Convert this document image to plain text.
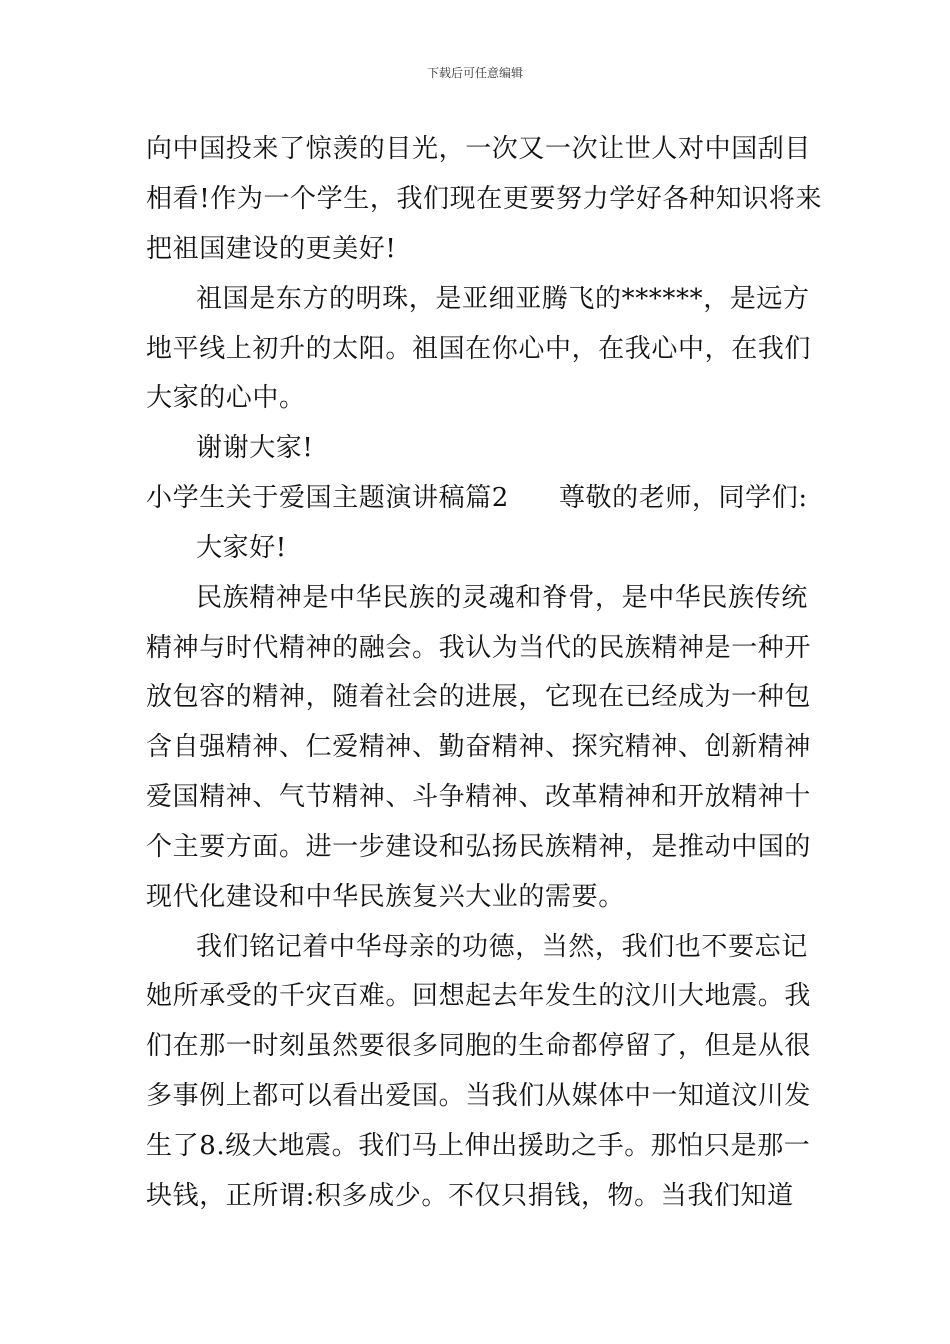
下载后可任意编辑
向中国投来了惊羡的目光，一次又一次让世人对中国刮目
相看!作为一个学生，我们现在更要努力学好各种知识将来
把祖国建设的更美好!
祖国是东方的明珠，是亚细亚腾飞的******，是远方
地平线上初升的太阳。祖国在你心中，在我心中，在我们
大家的心中。
谢谢大家!
小学生关于爱国主题演讲稿篇2 尊敬的老师，同学们:
大家好!
民族精神是中华民族的灵魂和脊骨，是中华民族传统
精神与时代精神的融会。我认为当代的民族精神是一种开
放包容的精神，随着社会的进展，它现在已经成为一种包
含自强精神、仁爱精神、勤奋精神、探究精神、创新精神
爱国精神、气节精神、斗争精神、改革精神和开放精神十
个主要方面。进一步建设和弘扬民族精神，是推动中国的
现代化建设和中华民族复兴大业的需要。
我们铭记着中华母亲的功德，当然，我们也不要忘记
她所承受的千灾百难。回想起去年发生的汶川大地震。我
们在那一时刻虽然要很多同胞的生命都停留了，但是从很
多事例上都可以看出爱国。当我们从媒体中一知道汶川发
生了8.级大地震。我们马上伸出援助之手。那怕只是那一
块钱，正所谓:积多成少。不仅只捐钱，物。当我们知道
